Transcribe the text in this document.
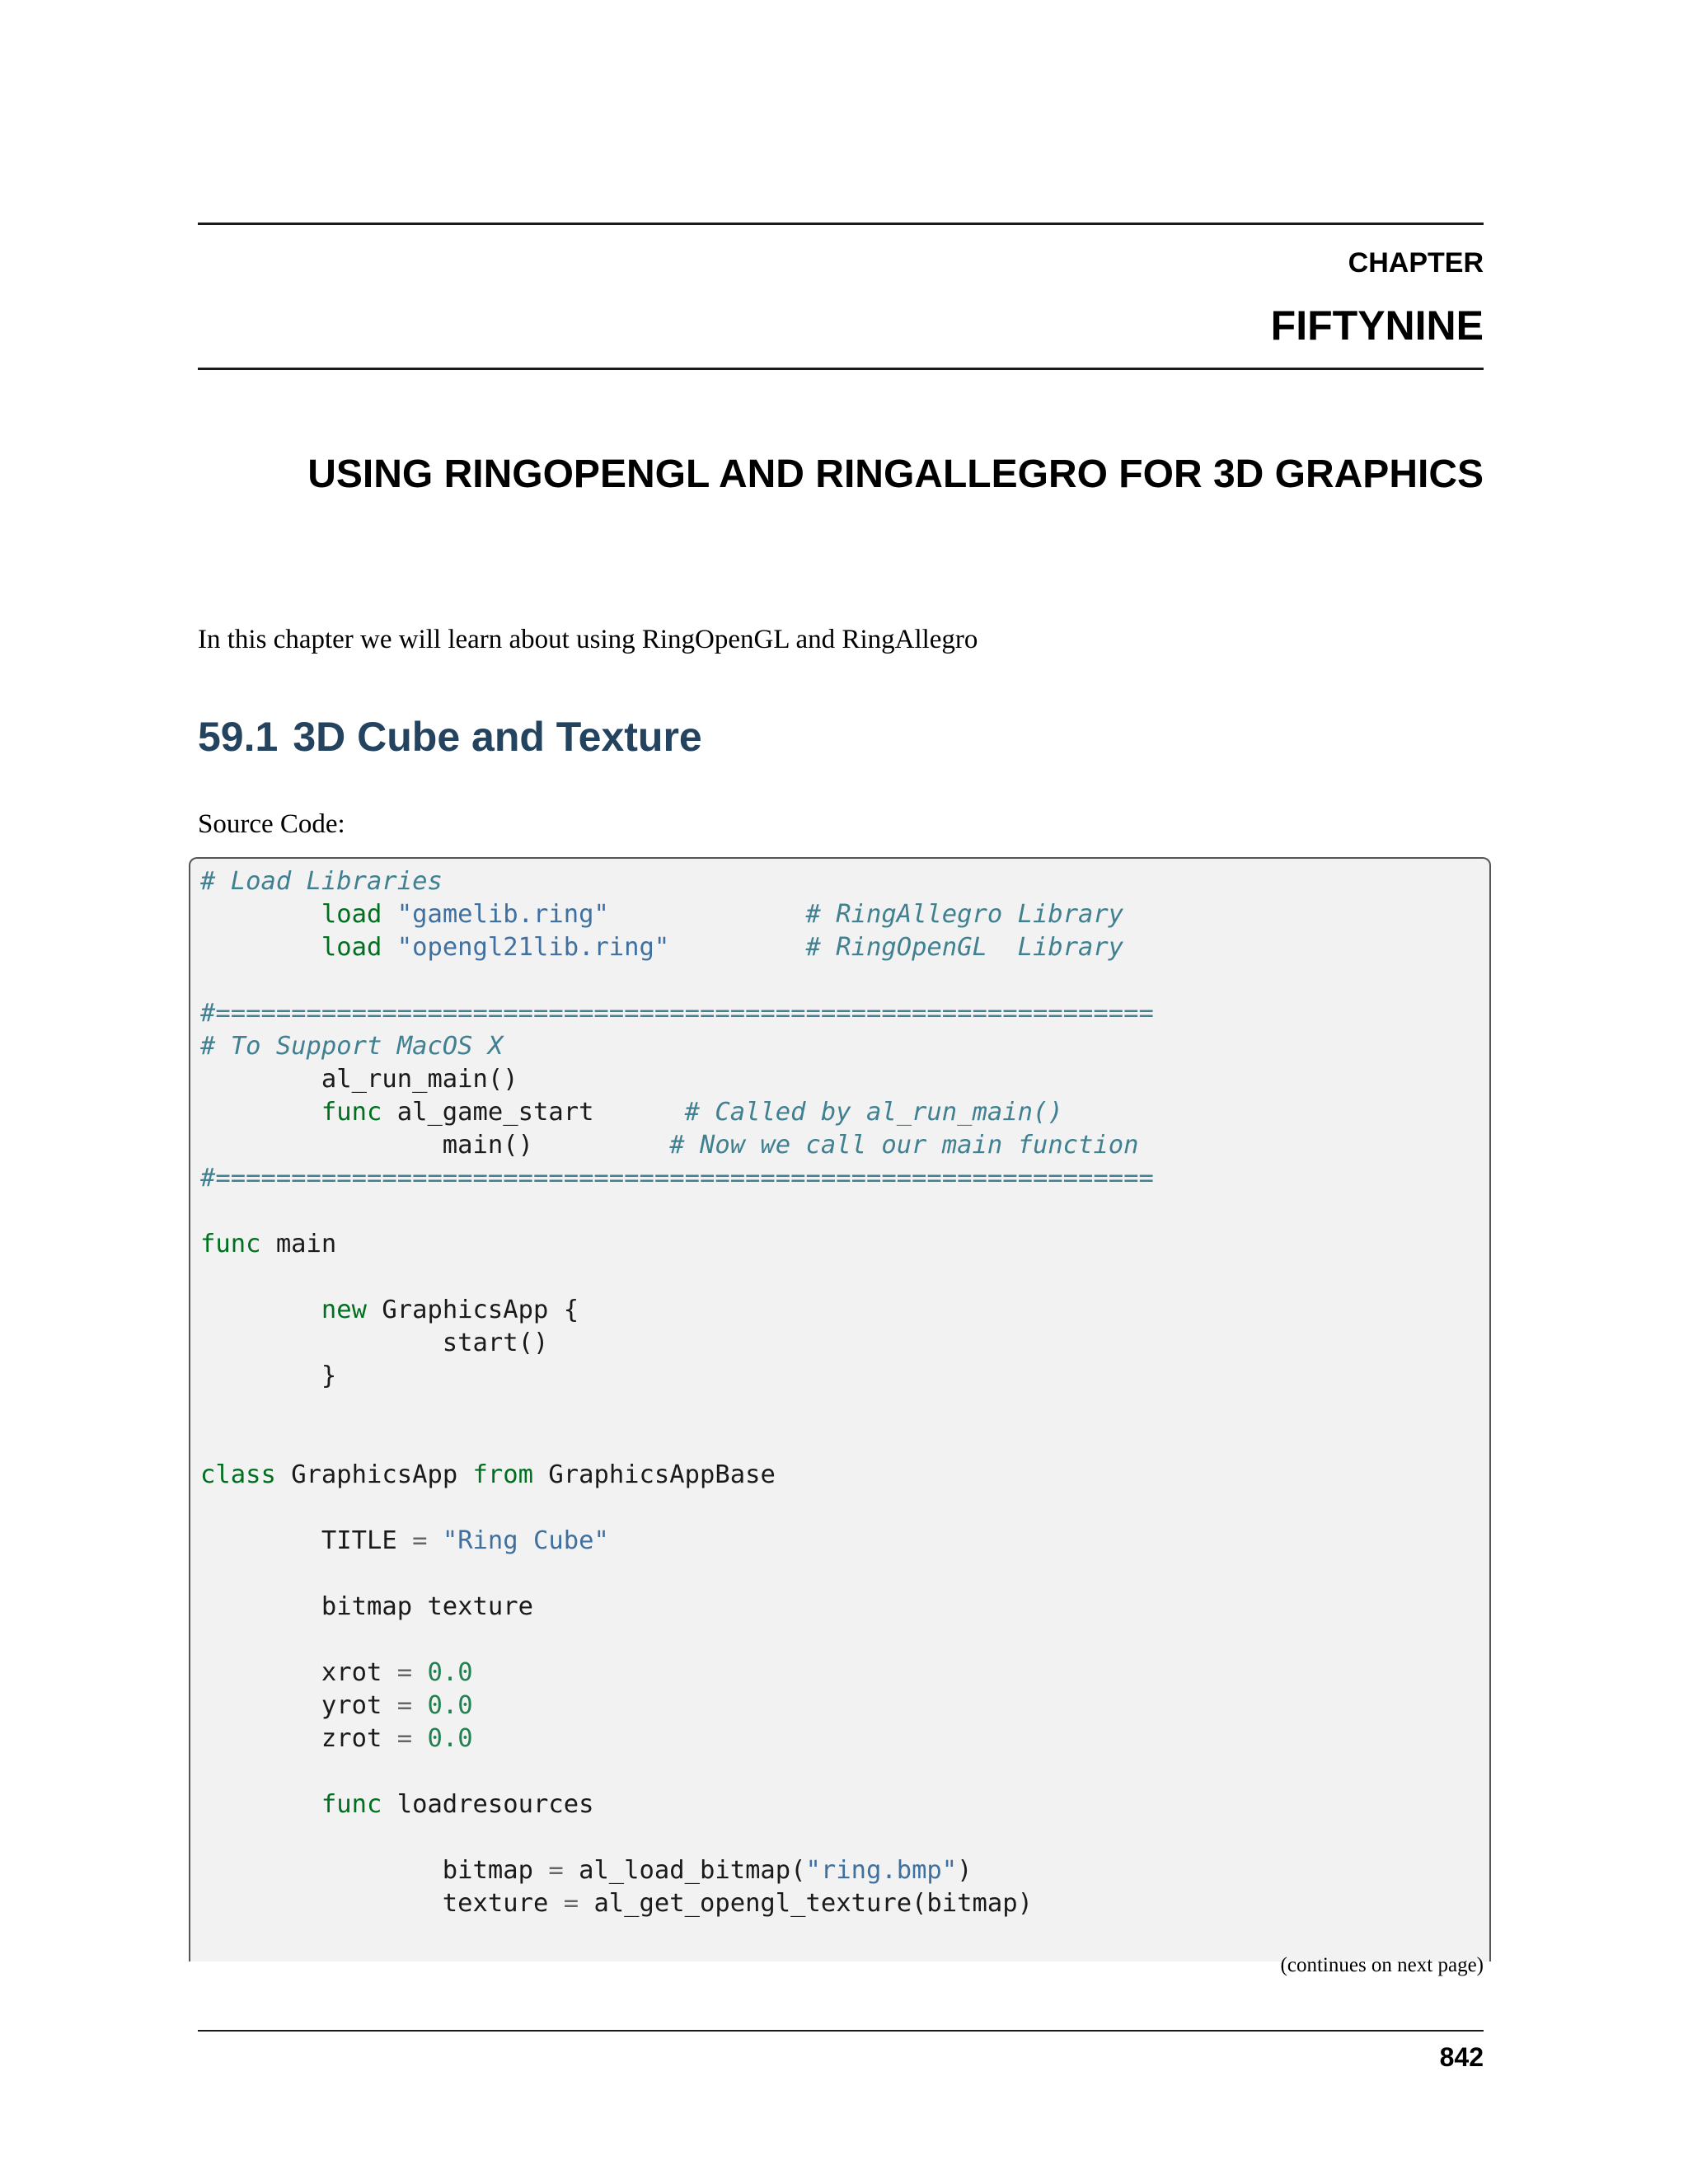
CHAPTER
FIFTYNINE
USING RINGOPENGL AND RINGALLEGRO FOR 3D GRAPHICS

In this chapter we will learn about using RingOpenGL and RingAllegro

59.1 3D Cube and Texture

Source Code:

# Load Libraries
load "gamelib.ring"	# RingAllegro Library
load "opengl21lib.ring"	# RingOpenGL  Library

#==============================================================
# To Support MacOS X
al_run_main()
func al_game_start      # Called by al_run_main()
main()         # Now we call our main function
#==============================================================

func main

new GraphicsApp {
start()
}

class GraphicsApp from GraphicsAppBase

TITLE = "Ring Cube"

bitmap texture

xrot = 0.0
yrot = 0.0
zrot = 0.0

func loadresources

bitmap = al_load_bitmap("ring.bmp")
texture = al_get_opengl_texture(bitmap)
(continues on next page)
842
